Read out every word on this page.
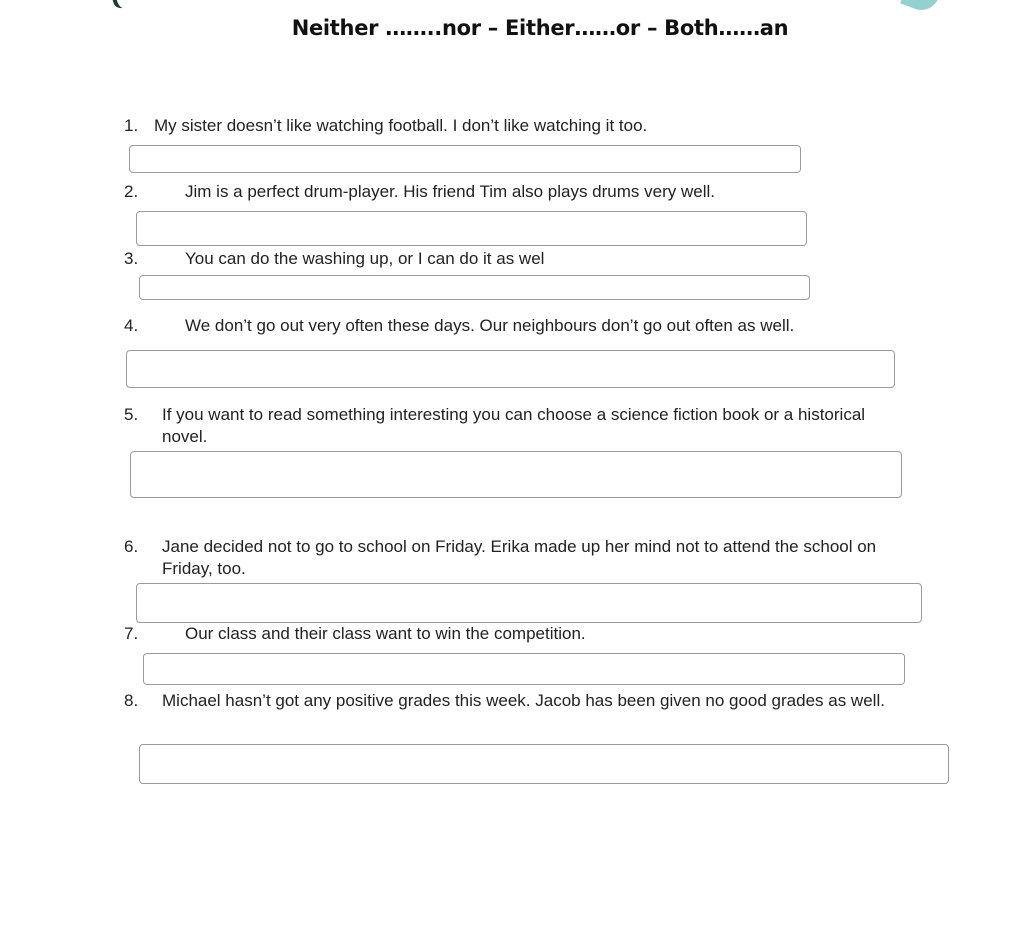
Neither ……..nor – Either……or – Both……an
1. My sister doesn’t like watching football. I don’t like watching it too.
2.	Jim is a perfect drum-player. His friend Tim also plays drums very well.
3.	You can do the washing up, or I can do it as wel
4.	We don’t go out very often these days. Our neighbours don’t go out often as well.
5. If you want to read something interesting you can choose a science fiction book or a historical novel.
6. Jane decided not to go to school on Friday. Erika made up her mind not to attend the school on Friday, too.
7.	Our class and their class want to win the competition.
8. Michael hasn’t got any positive grades this week. Jacob has been given no good grades as well.
